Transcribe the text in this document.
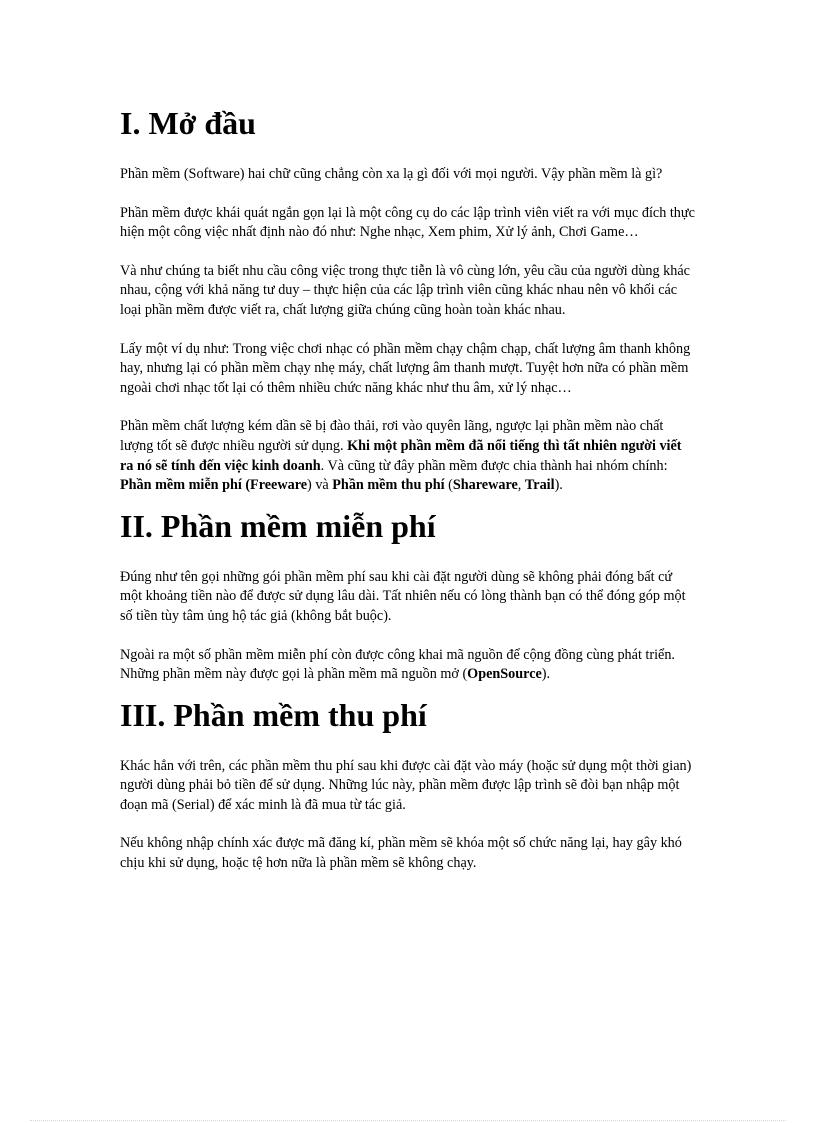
I. Mở đầu

Phần mềm (Software) hai chữ cũng chẳng còn xa lạ gì đối với mọi người. Vậy phần mềm là gì?

Phần mềm được khái quát ngắn gọn lại là một công cụ do các lập trình viên viết ra với mục đích thực hiện một công việc nhất định nào đó như: Nghe nhạc, Xem phim, Xử lý ảnh, Chơi Game…

Và như chúng ta biết nhu cầu công việc trong thực tiễn là vô cùng lớn, yêu cầu của người dùng khác nhau, cộng với khả năng tư duy – thực hiện của các lập trình viên cũng khác nhau nên vô khối các loại phần mềm được viết ra, chất lượng giữa chúng cũng hoàn toàn khác nhau.

Lấy một ví dụ như: Trong việc chơi nhạc có phần mềm chạy chậm chạp, chất lượng âm thanh không hay, nhưng lại có phần mềm chạy nhẹ máy, chất lượng âm thanh mượt. Tuyệt hơn nữa có phần mềm ngoài chơi nhạc tốt lại có thêm nhiều chức năng khác như thu âm, xử lý nhạc…

Phần mềm chất lượng kém dần sẽ bị đào thải, rơi vào quyên lãng, ngược lại phần mềm nào chất lượng tốt sẽ được nhiều người sử dụng. Khi một phần mềm đã nổi tiếng thì tất nhiên người viết ra nó sẽ tính đến việc kinh doanh. Và cũng từ đây phần mềm được chia thành hai nhóm chính: Phần mềm miễn phí (Freeware) và Phần mềm thu phí (Shareware, Trail).

II. Phần mềm miễn phí

Đúng như tên gọi những gói phần mềm phí sau khi cài đặt người dùng sẽ không phải đóng bất cứ một khoảng tiền nào để được sử dụng lâu dài. Tất nhiên nếu có lòng thành bạn có thể đóng góp một số tiền tùy tâm ủng hộ tác giả (không bắt buộc).

Ngoài ra một số phần mềm miễn phí còn được công khai mã nguồn để cộng đồng cùng phát triển. Những phần mềm này được gọi là phần mềm mã nguồn mở (OpenSource).

III. Phần mềm thu phí

Khác hẳn với trên, các phần mềm thu phí sau khi được cài đặt vào máy (hoặc sử dụng một thời gian) người dùng phải bỏ tiền để sử dụng. Những lúc này, phần mềm được lập trình sẽ đòi bạn nhập một đoạn mã (Serial) để xác minh là đã mua từ tác giả.

Nếu không nhập chính xác được mã đăng kí, phần mềm sẽ khóa một số chức năng lại, hay gây khó chịu khi sử dụng, hoặc tệ hơn nữa là phần mềm sẽ không chạy.
